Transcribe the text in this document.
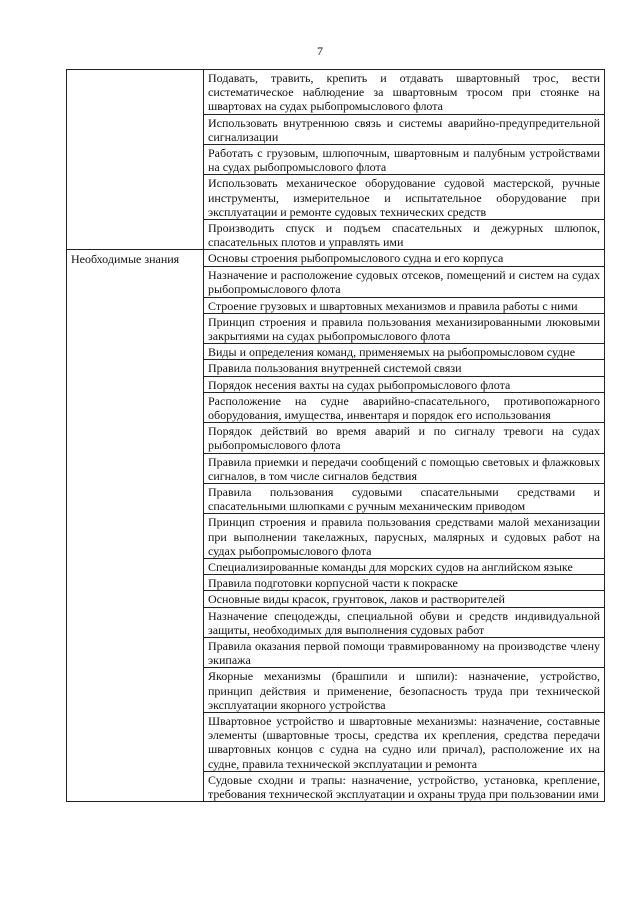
7
	Подавать, травить, крепить и отдавать швартовный трос, вести систематическое наблюдение за швартовным тросом при стоянке на швартовах на судах рыбопромыслового флота
	Использовать внутреннюю связь и системы аварийно-предупредительной сигнализации
	Работать с грузовым, шлюпочным, швартовным и палубным устройствами на судах рыбопромыслового флота
	Использовать механическое оборудование судовой мастерской, ручные инструменты, измерительное и испытательное оборудование при эксплуатации и ремонте судовых технических средств
	Производить спуск и подъем спасательных и дежурных шлюпок, спасательных плотов и управлять ими

Необходимые знания	Основы строения рыбопромыслового судна и его корпуса
	Назначение и расположение судовых отсеков, помещений и систем на судах рыбопромыслового флота
	Строение грузовых и швартовных механизмов и правила работы с ними
	Принцип строения и правила пользования механизированными люковыми закрытиями на судах рыбопромыслового флота
	Виды и определения команд, применяемых на рыбопромысловом судне
	Правила пользования внутренней системой связи
	Порядок несения вахты на судах рыбопромыслового флота
	Расположение на судне аварийно-спасательного, противопожарного оборудования, имущества, инвентаря и порядок его использования
	Порядок действий во время аварий и по сигналу тревоги на судах рыбопромыслового флота
	Правила приемки и передачи сообщений с помощью световых и флажковых сигналов, в том числе сигналов бедствия
	Правила пользования судовыми спасательными средствами и спасательными шлюпками с ручным механическим приводом
	Принцип строения и правила пользования средствами малой механизации при выполнении такелажных, парусных, малярных и судовых работ на судах рыбопромыслового флота
	Специализированные команды для морских судов на английском языке
	Правила подготовки корпусной части к покраске
	Основные виды красок, грунтовок, лаков и растворителей
	Назначение спецодежды, специальной обуви и средств индивидуальной защиты, необходимых для выполнения судовых работ
	Правила оказания первой помощи травмированному на производстве члену экипажа
	Якорные механизмы (брашпили и шпили): назначение, устройство, принцип действия и применение, безопасность труда при технической эксплуатации якорного устройства
	Швартовное устройство и швартовные механизмы: назначение, составные элементы (швартовные тросы, средства их крепления, средства передачи швартовных концов с судна на судно или причал), расположение их на судне, правила технической эксплуатации и ремонта
	Судовые сходни и трапы: назначение, устройство, установка, крепление, требования технической эксплуатации и охраны труда при пользовании ими
